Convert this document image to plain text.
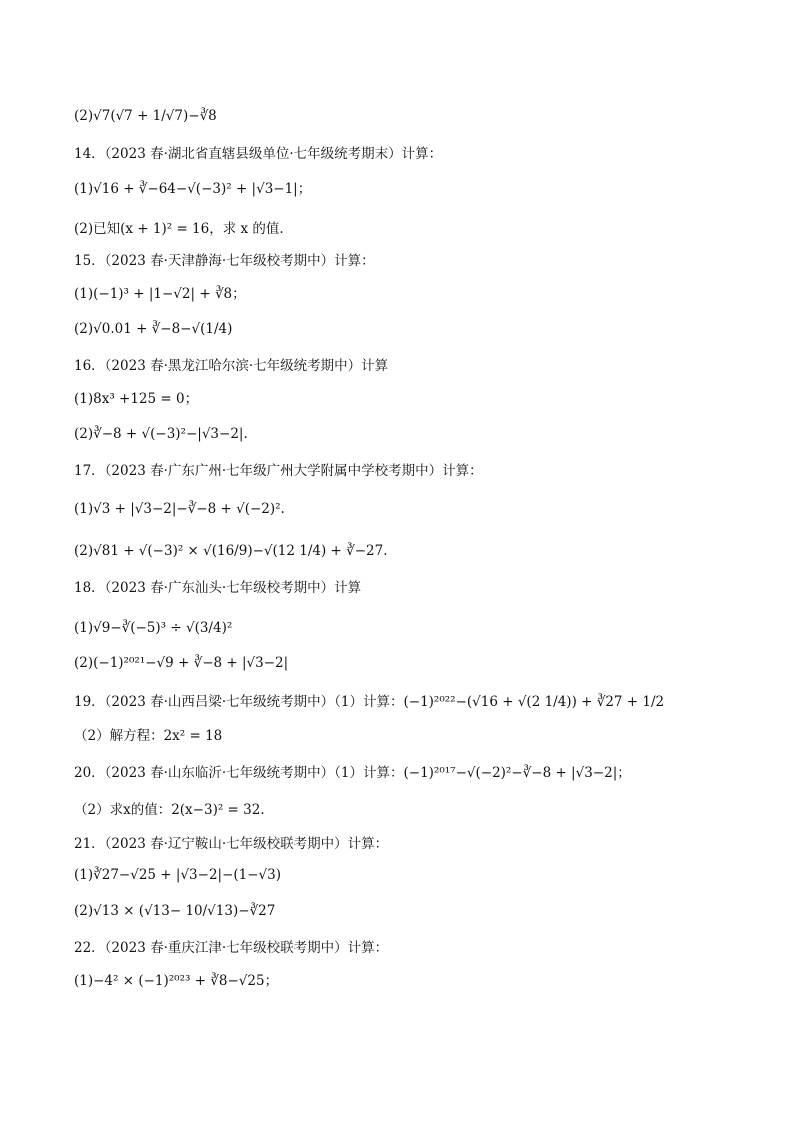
(2)√7(√7 + 1/√7)−∛8
14．（2023 春·湖北省直辖县级单位·七年级统考期末）计算：
(1)√16 + ∛−64−√(−3)² + |√3−1|；
(2)已知(x + 1)² = 16，求 x 的值.
15．（2023 春·天津静海·七年级校考期中）计算：
(1)(−1)³ + |1−√2| + ∛8；
(2)√0.01 + ∛−8−√(1/4)
16．（2023 春·黑龙江哈尔滨·七年级统考期中）计算
(1)8x³ +125 = 0；
(2)∛−8 + √(−3)²−|√3−2|.
17．（2023 春·广东广州·七年级广州大学附属中学校考期中）计算：
(1)√3 + |√3−2|−∛−8 + √(−2)².
(2)√81 + √(−3)² × √(16/9)−√(12 1/4) + ∛−27.
18．（2023 春·广东汕头·七年级校考期中）计算
(1)√9−∛(−5)³ ÷ √(3/4)²
(2)(−1)²⁰²¹−√9 + ∛−8 + |√3−2|
19．（2023 春·山西吕梁·七年级统考期中）（1）计算：(−1)²⁰²²−(√16 + √(2 1/4)) + ∛27 + 1/2
（2）解方程：2x² = 18
20．（2023 春·山东临沂·七年级统考期中）（1）计算：(−1)²⁰¹⁷−√(−2)²−∛−8 + |√3−2|；
（2）求x的值：2(x−3)² = 32.
21．（2023 春·辽宁鞍山·七年级校联考期中）计算：
(1)∛27−√25 + |√3−2|−(1−√3)
(2)√13 × (√13− 10/√13)−∛27
22．（2023 春·重庆江津·七年级校联考期中）计算：
(1)−4² × (−1)²⁰²³ + ∛8−√25；
